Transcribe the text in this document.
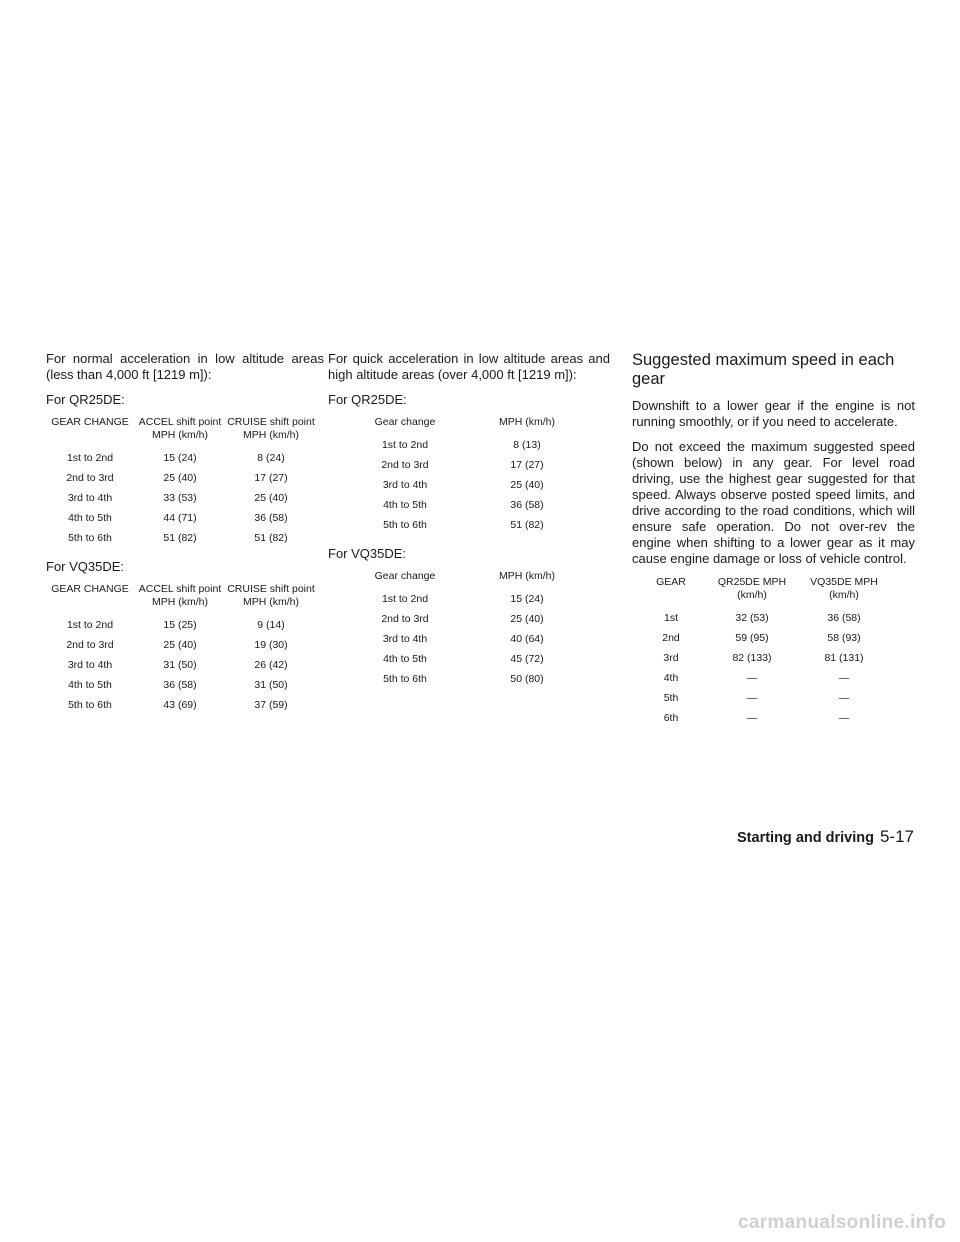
For normal acceleration in low altitude areas (less than 4,000 ft [1219 m]):

For QR25DE:

GEAR CHANGE	ACCEL shift point MPH (km/h)	CRUISE shift point MPH (km/h)
1st to 2nd	15 (24)	8 (24)
2nd to 3rd	25 (40)	17 (27)
3rd to 4th	33 (53)	25 (40)
4th to 5th	44 (71)	36 (58)
5th to 6th	51 (82)	51 (82)

For VQ35DE:

GEAR CHANGE	ACCEL shift point MPH (km/h)	CRUISE shift point MPH (km/h)
1st to 2nd	15 (25)	9 (14)
2nd to 3rd	25 (40)	19 (30)
3rd to 4th	31 (50)	26 (42)
4th to 5th	36 (58)	31 (50)
5th to 6th	43 (69)	37 (59)

For quick acceleration in low altitude areas and high altitude areas (over 4,000 ft [1219 m]):

For QR25DE:

Gear change	MPH (km/h)
1st to 2nd	8 (13)
2nd to 3rd	17 (27)
3rd to 4th	25 (40)
4th to 5th	36 (58)
5th to 6th	51 (82)

For VQ35DE:

Gear change	MPH (km/h)
1st to 2nd	15 (24)
2nd to 3rd	25 (40)
3rd to 4th	40 (64)
4th to 5th	45 (72)
5th to 6th	50 (80)
Suggested maximum speed in each gear

Downshift to a lower gear if the engine is not running smoothly, or if you need to accelerate.

Do not exceed the maximum suggested speed (shown below) in any gear. For level road driving, use the highest gear suggested for that speed. Always observe posted speed limits, and drive according to the road conditions, which will ensure safe operation. Do not over-rev the engine when shifting to a lower gear as it may cause engine damage or loss of vehicle control.

GEAR	QR25DE MPH (km/h)	VQ35DE MPH (km/h)
1st	32 (53)	36 (58)
2nd	59 (95)	58 (93)
3rd	82 (133)	81 (131)
4th	—	—
5th	—	—
6th	—	—
Starting and driving 5-17
carmanualsonline.info
